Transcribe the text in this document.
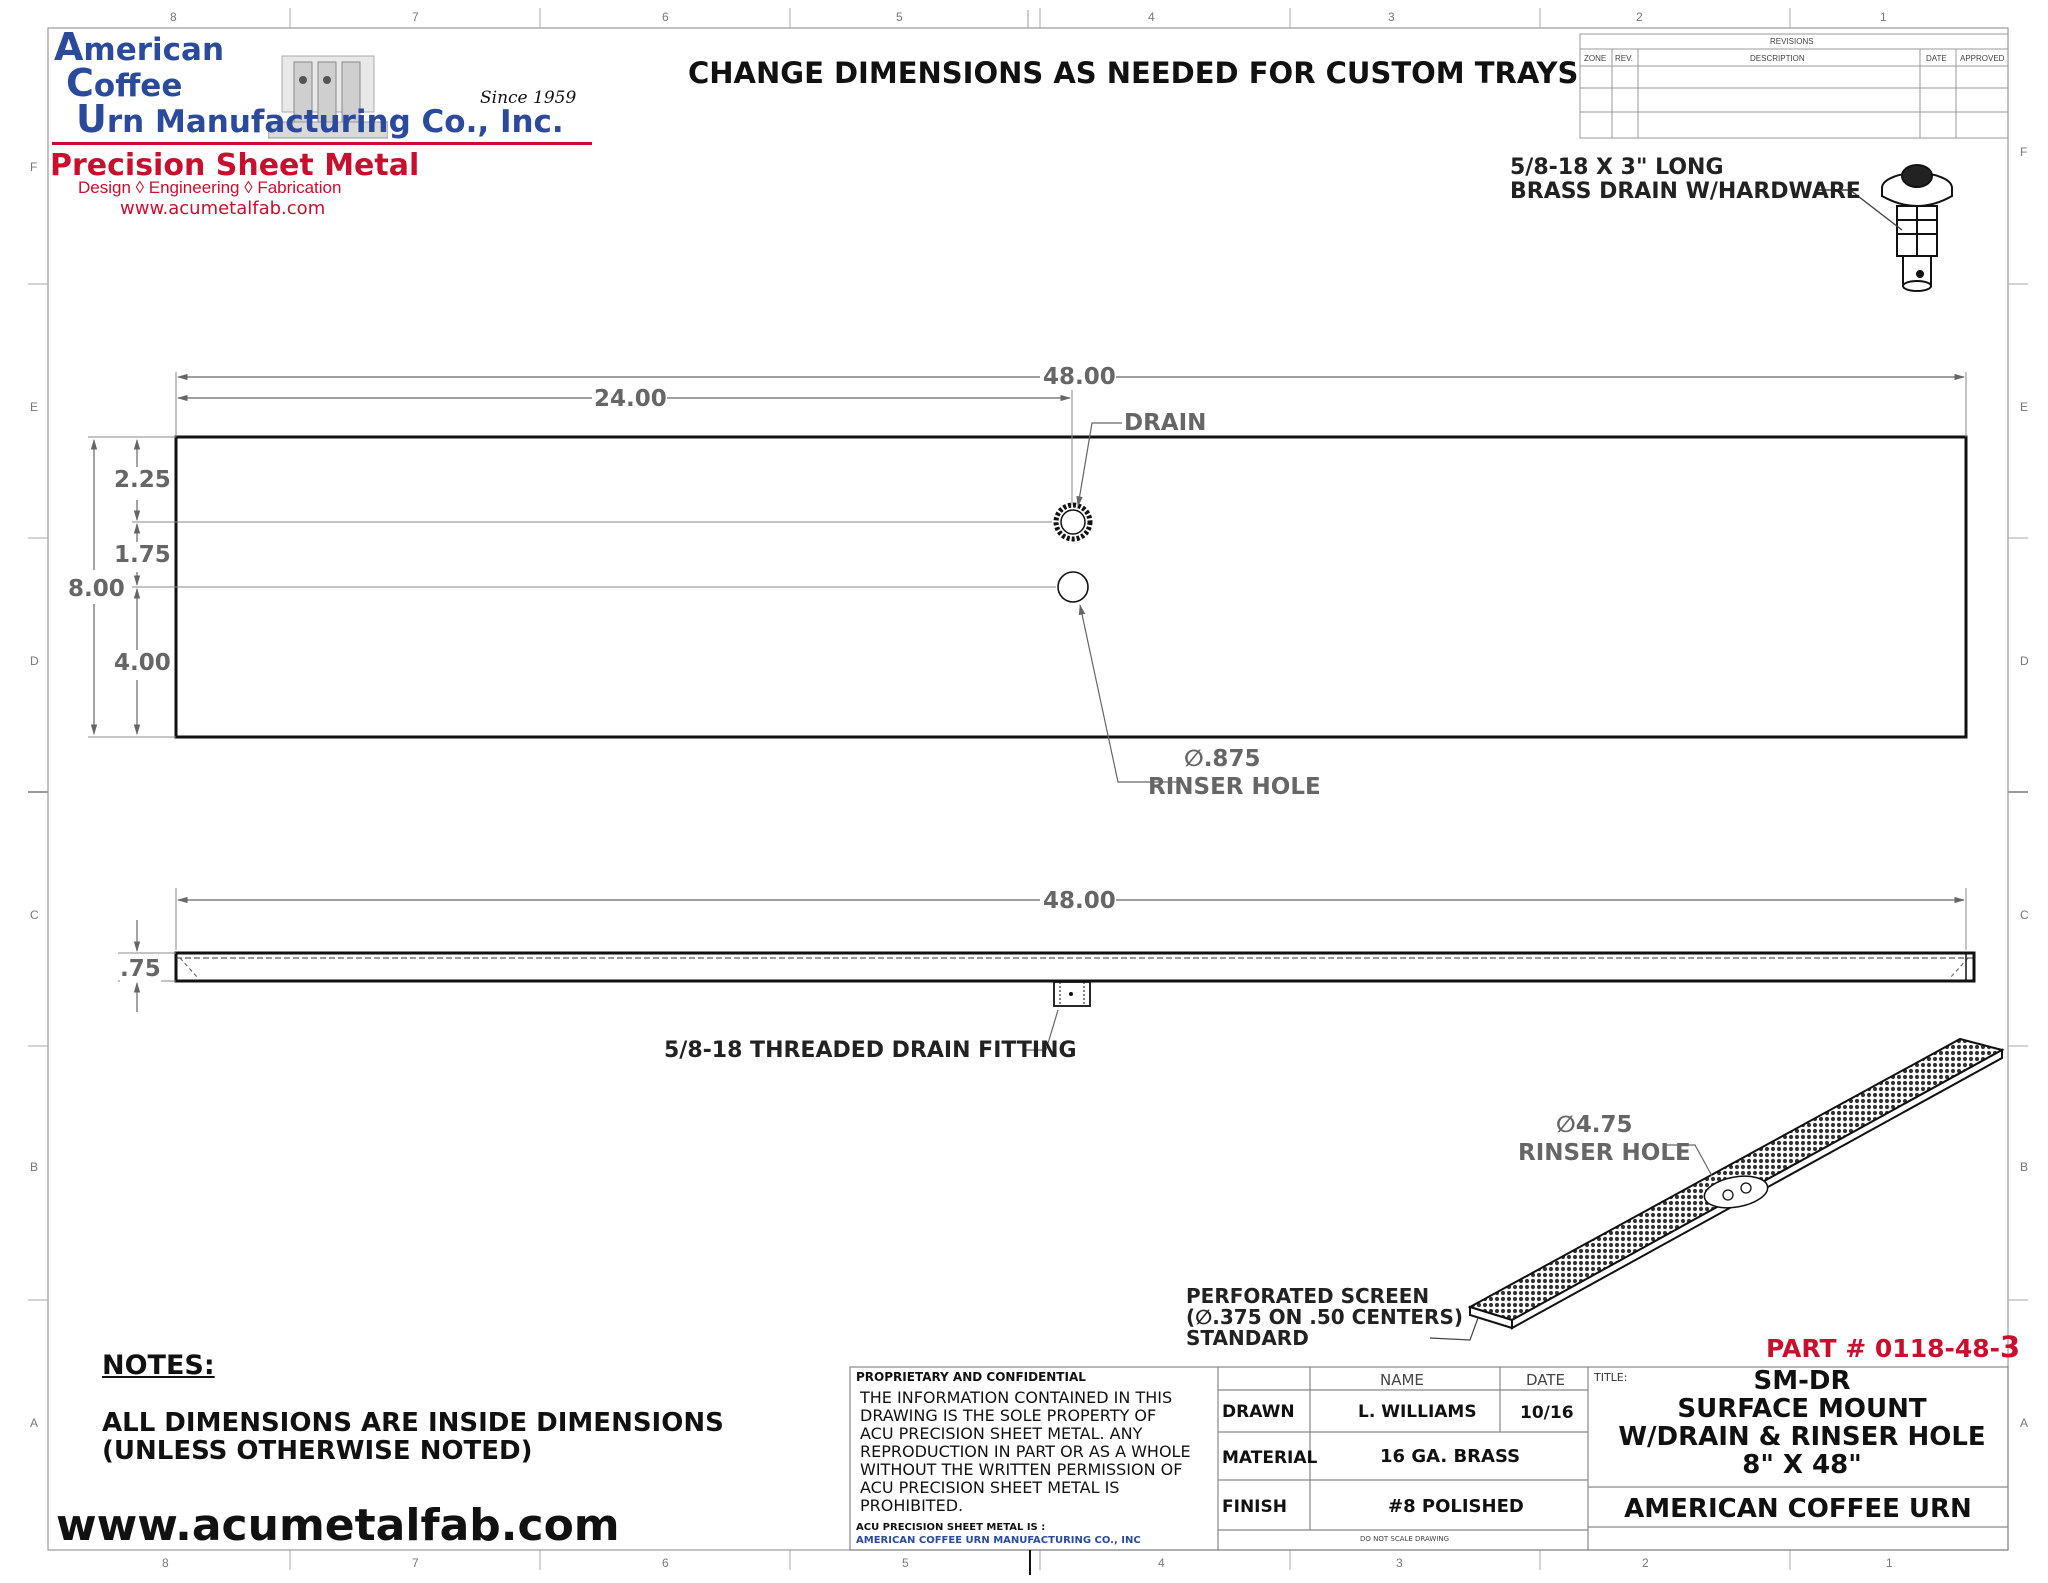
8	7	6	5	4	3	2	1
8	7	6	5	4	3	2	1
F
E
D
C
B
A
F
E
D
C
B
A
American
Coffee
Urn Manufacturing Co., Inc.
Since 1959
Precision Sheet Metal
Design ◊ Engineering ◊ Fabrication
www.acumetalfab.com
CHANGE DIMENSIONS AS NEEDED FOR CUSTOM TRAYS
REVISIONS
ZONE REV.	DESCRIPTION	DATE APPROVED
5/8-18 X 3" LONG
BRASS DRAIN W/HARDWARE
48.00
24.00
DRAIN
2.25
1.75
8.00
4.00
∅.875
RINSER HOLE
48.00
.75
5/8-18 THREADED DRAIN FITTING
∅4.75
RINSER HOLE
PERFORATED SCREEN
(∅.375 ON .50 CENTERS)
STANDARD
NOTES:
ALL DIMENSIONS ARE INSIDE DIMENSIONS
(UNLESS OTHERWISE NOTED)
www.acumetalfab.com
PART # 0118-48-3
PROPRIETARY AND CONFIDENTIAL
THE INFORMATION CONTAINED IN THIS
DRAWING IS THE SOLE PROPERTY OF
ACU PRECISION SHEET METAL. ANY
REPRODUCTION IN PART OR AS A WHOLE
WITHOUT THE WRITTEN PERMISSION OF
ACU PRECISION SHEET METAL IS
PROHIBITED.
ACU PRECISION SHEET METAL IS :
AMERICAN COFFEE URN MANUFACTURING CO., INC
NAME	DATE
DRAWN	L. WILLIAMS	10/16
MATERIAL	16 GA. BRASS
FINISH	#8 POLISHED
DO NOT SCALE DRAWING
TITLE:	SM-DR
SURFACE MOUNT
W/DRAIN & RINSER HOLE
8" X 48"
AMERICAN COFFEE URN
